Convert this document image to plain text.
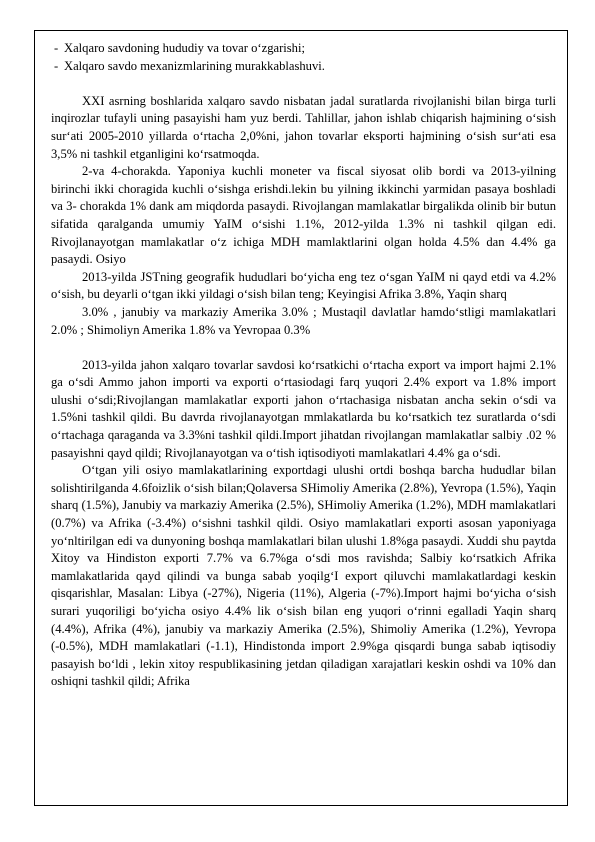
- Xalqaro savdoning hududiy va tovar o‘zgarishi;
- Xalqaro savdo mexanizmlarining murakkablashuvi.

XXI asrning boshlarida xalqaro savdo nisbatan jadal suratlarda rivojlanishi bilan birga turli inqirozlar tufayli uning pasayishi ham yuz berdi. Tahlillar, jahon ishlab chiqarish hajmining o‘sish sur‘ati 2005-2010 yillarda o‘rtacha 2,0%ni, jahon tovarlar eksporti hajmining o‘sish sur‘ati esa 3,5% ni tashkil etganligini ko‘rsatmoqda.

2-va 4-chorakda. Yaponiya kuchli moneter va fiscal siyosat olib bordi va 2013-yilning birinchi ikki choragida kuchli o‘sishga erishdi.lekin bu yilning ikkinchi yarmidan pasaya boshladi va 3- chorakda 1% dank am miqdorda pasaydi. Rivojlangan mamlakatlar birgalikda olinib bir butun sifatida qaralganda umumiy YaIM o‘sishi 1.1%, 2012-yilda 1.3% ni tashkil qilgan edi. Rivojlanayotgan mamlakatlar o‘z ichiga MDH mamlaktlarini olgan holda 4.5% dan 4.4% ga pasaydi. Osiyo

2013-yilda JSTning geografik hududlari bo‘yicha eng tez o‘sgan YaIM ni qayd etdi va 4.2% o‘sish, bu deyarli o‘tgan ikki yildagi o‘sish bilan teng; Keyingisi Afrika 3.8%, Yaqin sharq

3.0% , janubiy va markaziy Amerika 3.0% ; Mustaqil davlatlar hamdo‘stligi mamlakatlari 2.0% ; Shimoliyn Amerika 1.8% va Yevropaa 0.3%

2013-yilda jahon xalqaro tovarlar savdosi ko‘rsatkichi o‘rtacha export va import hajmi 2.1% ga o‘sdi Ammo jahon importi va exporti o‘rtasiodagi farq yuqori 2.4% export va 1.8% import ulushi o‘sdi;Rivojlangan mamlakatlar exporti jahon o‘rtachasiga nisbatan ancha sekin o‘sdi va 1.5%ni tashkil qildi. Bu davrda rivojlanayotgan mmlakatlarda bu ko‘rsatkich tez suratlarda o‘sdi o‘rtachaga qaraganda va 3.3%ni tashkil qildi.Import jihatdan rivojlangan mamlakatlar salbiy .02 % pasayishni qayd qildi; Rivojlanayotgan va o‘tish iqtisodiyoti mamlakatlari 4.4% ga o‘sdi.

O‘tgan yili osiyo mamlakatlarining exportdagi ulushi ortdi boshqa barcha hududlar bilan solishtirilganda 4.6foizlik o‘sish bilan;Qolaversa SHimoliy Amerika (2.8%), Yevropa (1.5%), Yaqin sharq (1.5%), Janubiy va markaziy Amerika (2.5%), SHimoliy Amerika (1.2%), MDH mamlakatlari (0.7%) va Afrika (-3.4%) o‘sishni tashkil qildi. Osiyo mamlakatlari exporti asosan yaponiyaga yo‘nltirilgan edi va dunyoning boshqa mamlakatlari bilan ulushi 1.8%ga pasaydi. Xuddi shu paytda Xitoy va Hindiston exporti 7.7% va 6.7%ga o‘sdi mos ravishda; Salbiy ko‘rsatkich Afrika mamlakatlarida qayd qilindi va bunga sabab yoqilg‘I export qiluvchi mamlakatlardagi keskin qisqarishlar, Masalan: Libya (-27%), Nigeria (11%), Algeria (-7%).Import hajmi bo‘yicha o‘sish surari yuqoriligi bo‘yicha osiyo 4.4% lik o‘sish bilan eng yuqori o‘rinni egalladi Yaqin sharq (4.4%), Afrika (4%), janubiy va markaziy Amerika (2.5%), Shimoliy Amerika (1.2%), Yevropa (-0.5%), MDH mamlakatlari (-1.1), Hindistonda import 2.9%ga qisqardi bunga sabab iqtisodiy pasayish bo‘ldi , lekin xitoy respublikasining jetdan qiladigan xarajatlari keskin oshdi va 10% dan oshiqni tashkil qildi; Afrika
